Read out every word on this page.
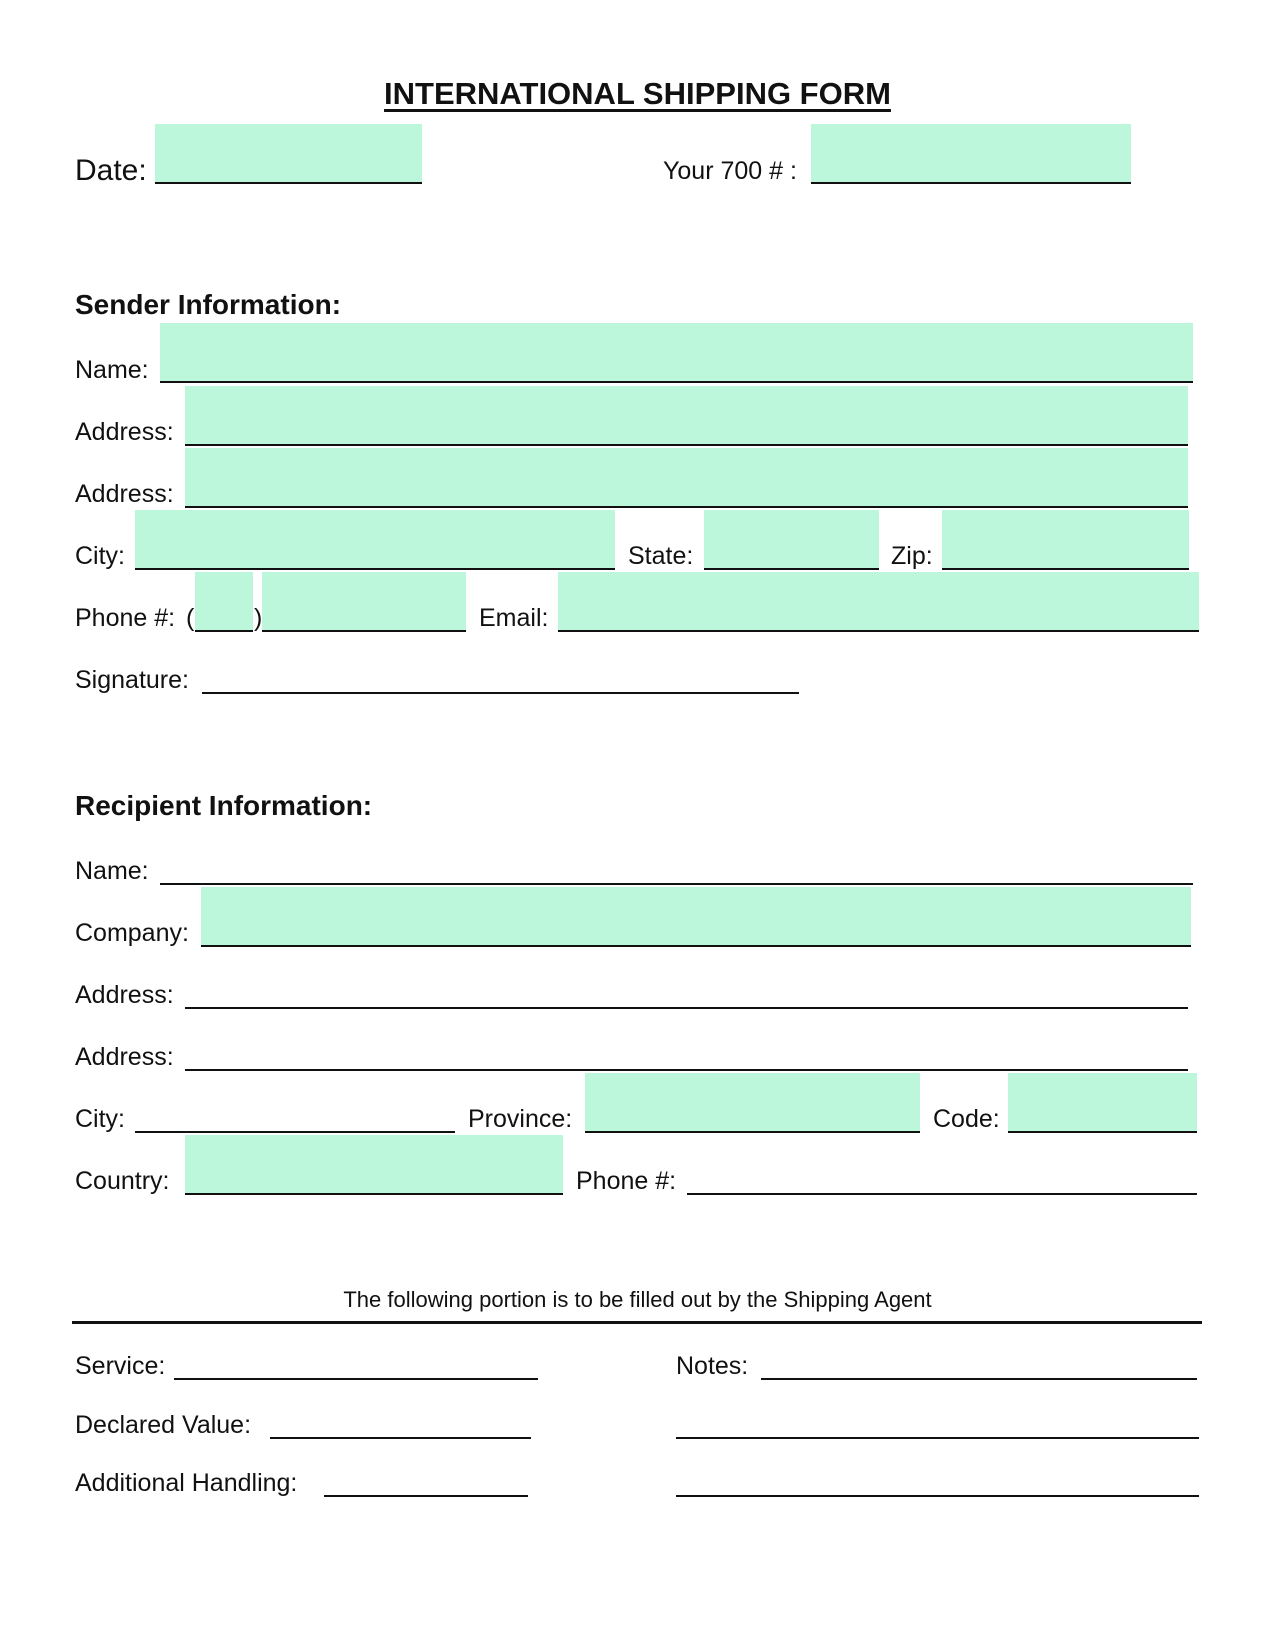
INTERNATIONAL SHIPPING FORM
Date:	Your 700 # :
Sender Information:
Name:
Address:
Address:
City:	State:	Zip:
Phone #: ( )	Email:
Signature:
Recipient Information:
Name:
Company:
Address:
Address:
City:	Province:	Code:
Country:	Phone #:
The following portion is to be filled out by the Shipping Agent
Service:	Notes:
Declared Value:
Additional Handling:
